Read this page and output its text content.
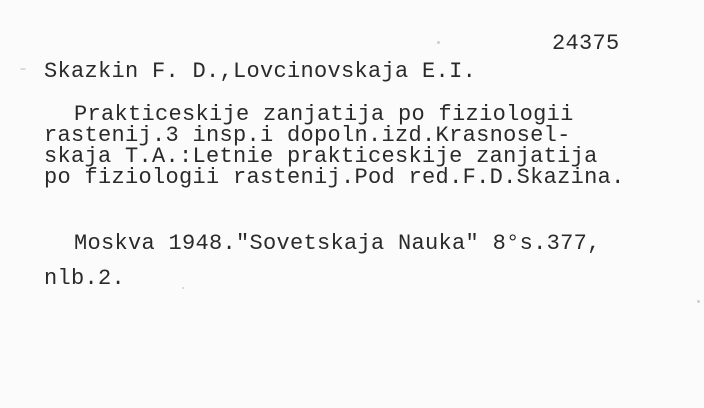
24375
Skazkin F. D.,Lovcinovskaja E.I.
Prakticeskije zanjatija po fiziologii
rastenij.3 insp.i dopoln.izd.Krasnosel-
skaja T.A.:Letnie prakticeskije zanjatija
po fiziologii rastenij.Pod red.F.D.Skazina.
Moskva 1948."Sovetskaja Nauka" 8°s.377,
nlb.2.
